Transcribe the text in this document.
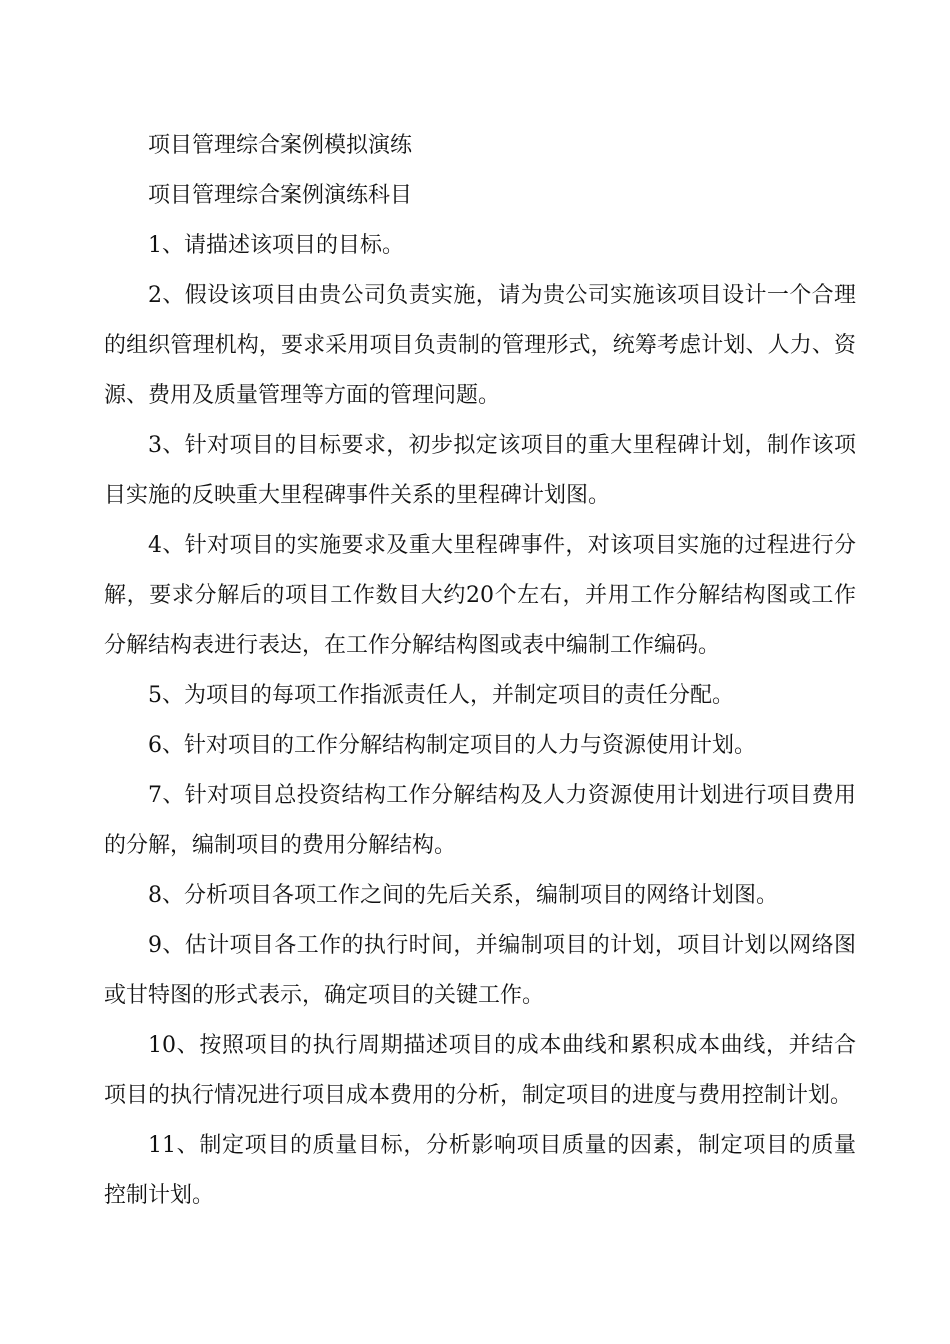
项目管理综合案例模拟演练

项目管理综合案例演练科目

1、请描述该项目的目标。

2、假设该项目由贵公司负责实施，请为贵公司实施该项目设计一个合理的组织管理机构，要求采用项目负责制的管理形式，统筹考虑计划、人力、资源、费用及质量管理等方面的管理问题。

3、针对项目的目标要求，初步拟定该项目的重大里程碑计划，制作该项目实施的反映重大里程碑事件关系的里程碑计划图。

4、针对项目的实施要求及重大里程碑事件，对该项目实施的过程进行分解，要求分解后的项目工作数目大约20个左右，并用工作分解结构图或工作分解结构表进行表达，在工作分解结构图或表中编制工作编码。

5、为项目的每项工作指派责任人，并制定项目的责任分配。

6、针对项目的工作分解结构制定项目的人力与资源使用计划。

7、针对项目总投资结构工作分解结构及人力资源使用计划进行项目费用的分解，编制项目的费用分解结构。

8、分析项目各项工作之间的先后关系，编制项目的网络计划图。

9、估计项目各工作的执行时间，并编制项目的计划，项目计划以网络图或甘特图的形式表示，确定项目的关键工作。

10、按照项目的执行周期描述项目的成本曲线和累积成本曲线，并结合项目的执行情况进行项目成本费用的分析，制定项目的进度与费用控制计划。

11、制定项目的质量目标，分析影响项目质量的因素，制定项目的质量控制计划。
